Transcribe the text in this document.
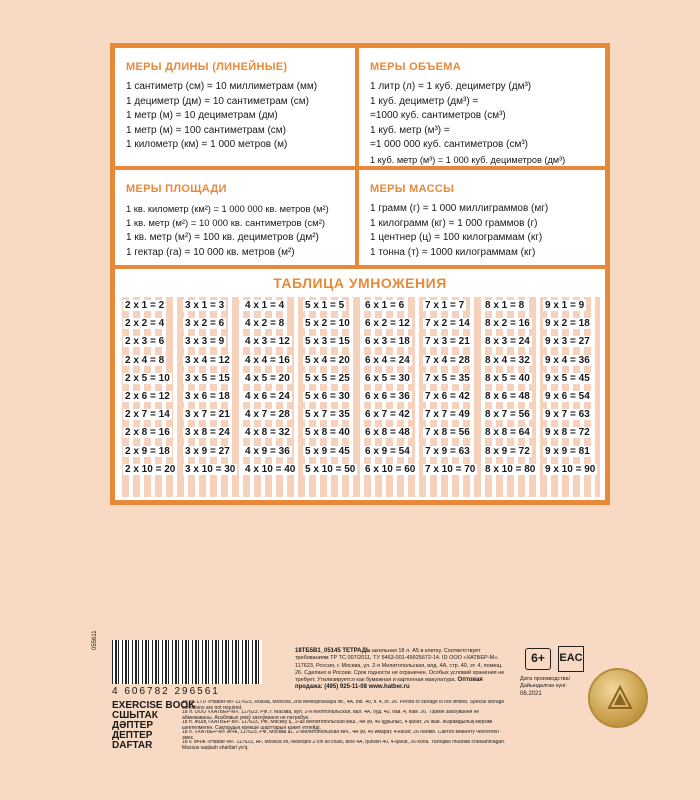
МЕРЫ ДЛИНЫ (ЛИНЕЙНЫЕ)
1 сантиметр (см) = 10 миллиметрам (мм)
1 дециметр (дм) = 10 сантиметрам (см)
1 метр (м) = 10 дециметрам (дм)
1 метр (м) = 100 сантиметрам (см)
1 километр (км) = 1 000 метров (м)
МЕРЫ ОБЪЕМА
1 литр (л) = 1 куб. дециметру (дм³)
1 куб. дециметр (дм³) =
=1000 куб. сантиметров (см³)
1 куб. метр (м³) =
=1 000 000 куб. сантиметров (см³)
1 куб. метр (м³) = 1 000 куб. дециметров (дм³)
МЕРЫ ПЛОЩАДИ
1 кв. километр (км²) = 1 000 000 кв. метров (м²)
1 кв. метр (м²) = 10 000 кв. сантиметров (см²)
1 кв. метр (м²) = 100 кв. дециметров (дм²)
1 гектар (га) = 10 000 кв. метров (м²)
МЕРЫ МАССЫ
1 грамм (г) = 1 000 миллиграммов (мг)
1 килограмм (кг) = 1 000 граммов (г)
1 центнер (ц) = 100 килограммам (кг)
1 тонна (т) = 1000 килограммам (кг)
ТАБЛИЦА УМНОЖЕНИЯ
2 x 1 = 2	3 x 1 = 3	4 x 1 = 4	5 x 1 = 5	6 x 1 = 6	7 x 1 = 7	8 x 1 = 8	9 x 1 = 9
2 x 2 = 4	3 x 2 = 6	4 x 2 = 8	5 x 2 = 10	6 x 2 = 12	7 x 2 = 14	8 x 2 = 16	9 x 2 = 18
2 x 3 = 6	3 x 3 = 9	4 x 3 = 12	5 x 3 = 15	6 x 3 = 18	7 x 3 = 21	8 x 3 = 24	9 x 3 = 27
2 x 4 = 8	3 x 4 = 12	4 x 4 = 16	5 x 4 = 20	6 x 4 = 24	7 x 4 = 28	8 x 4 = 32	9 x 4 = 36
2 x 5 = 10	3 x 5 = 15	4 x 5 = 20	5 x 5 = 25	6 x 5 = 30	7 x 5 = 35	8 x 5 = 40	9 x 5 = 45
2 x 6 = 12	3 x 6 = 18	4 x 6 = 24	5 x 6 = 30	6 x 6 = 36	7 x 6 = 42	8 x 6 = 48	9 x 6 = 54
2 x 7 = 14	3 x 7 = 21	4 x 7 = 28	5 x 7 = 35	6 x 7 = 42	7 x 7 = 49	8 x 7 = 56	9 x 7 = 63
2 x 8 = 16	3 x 8 = 24	4 x 8 = 32	5 x 8 = 40	6 x 8 = 48	7 x 8 = 56	8 x 8 = 64	9 x 8 = 72
2 x 9 = 18	3 x 9 = 27	4 x 9 = 36	5 x 9 = 45	6 x 9 = 54	7 x 9 = 63	8 x 9 = 72	9 x 9 = 81
2 x 10 = 20 3 x 10 = 30 4 x 10 = 40 5 x 10 = 50 6 x 10 = 60 7 x 10 = 70 8 x 10 = 80 9 x 10 = 90
055611
4 606782 296561
18ТБ5В1_05145 ТЕТРАДЬ школьная 18 л. А5 в клетку. Соответствует требованиям ТР ТС 007/2011, ТУ 5463-001-49925672-14. ID ООО «ХАТБЕР-М». 117623, Россия, г. Москва, ул. 2-я Мелитопольская, влд. 4А, стр. 40, эт. 4, помещ. 26. Сделано в России. Срок годности не ограничен. Особых условий хранения не требует. Утилизируется как бумажная и картонная макулатура. Оптовая продажа: (495) 925-11-08 www.hatber.ru
6+	EAC
Дата производства/ Дайындалған күні:
06.2021
EXERCISE BOOK
18 sh. LTD «Hatber-M» 117623, Russia, Moscow, 2nd Melitopolskaya str., 4A, bld. 40, fl. 4, of. 26. Period of storage is not limited. Special storage conditions are not required.
СШЫТАК	18 л. ООО «ХАТБЕР-М». 117623, РФ, г. Масква, вул. 2-я Мелітопальская, вал. 4А, буд. 40, пав. 4, пам. 26. Тэрмін захоўвання не абмежаваны. Асаблівых умоў захоўвання не патрабуе.
ДӘПТЕР	18 п. ЖШҚ «ХАТБЕР-М». 117623, РФ, Мәскеу қ., 2-ші Мелитопольская көш., 4А үй, 40 құрылыс, 4 қабат, 26 жай. Жарамдылық мерзімі шектелмеген. Сақтаудың ерекше шарттарын қажет етпейді.
ДЕПТЕР	18 б. «ХАТБЕР-М» ЖЧК, 117623, РФ, Москва ш., 2-Мелитопольская көч., 4А үй, 40 имарат, 4-кабат, 26 бөлмө. Сактоо мөөнөтү чектелген эмес.
DAFTAR	18 v. МЧЖ «Hatber-M». 117623, RF, Moskva sh, Melitopol 2-chi ko'chasi, bino 4A, qurilish 40, 4-qavat, 26-xona. Yaroqlilik muddati cheklanmagan. Maxsus saqlash shartlari yo'q.
